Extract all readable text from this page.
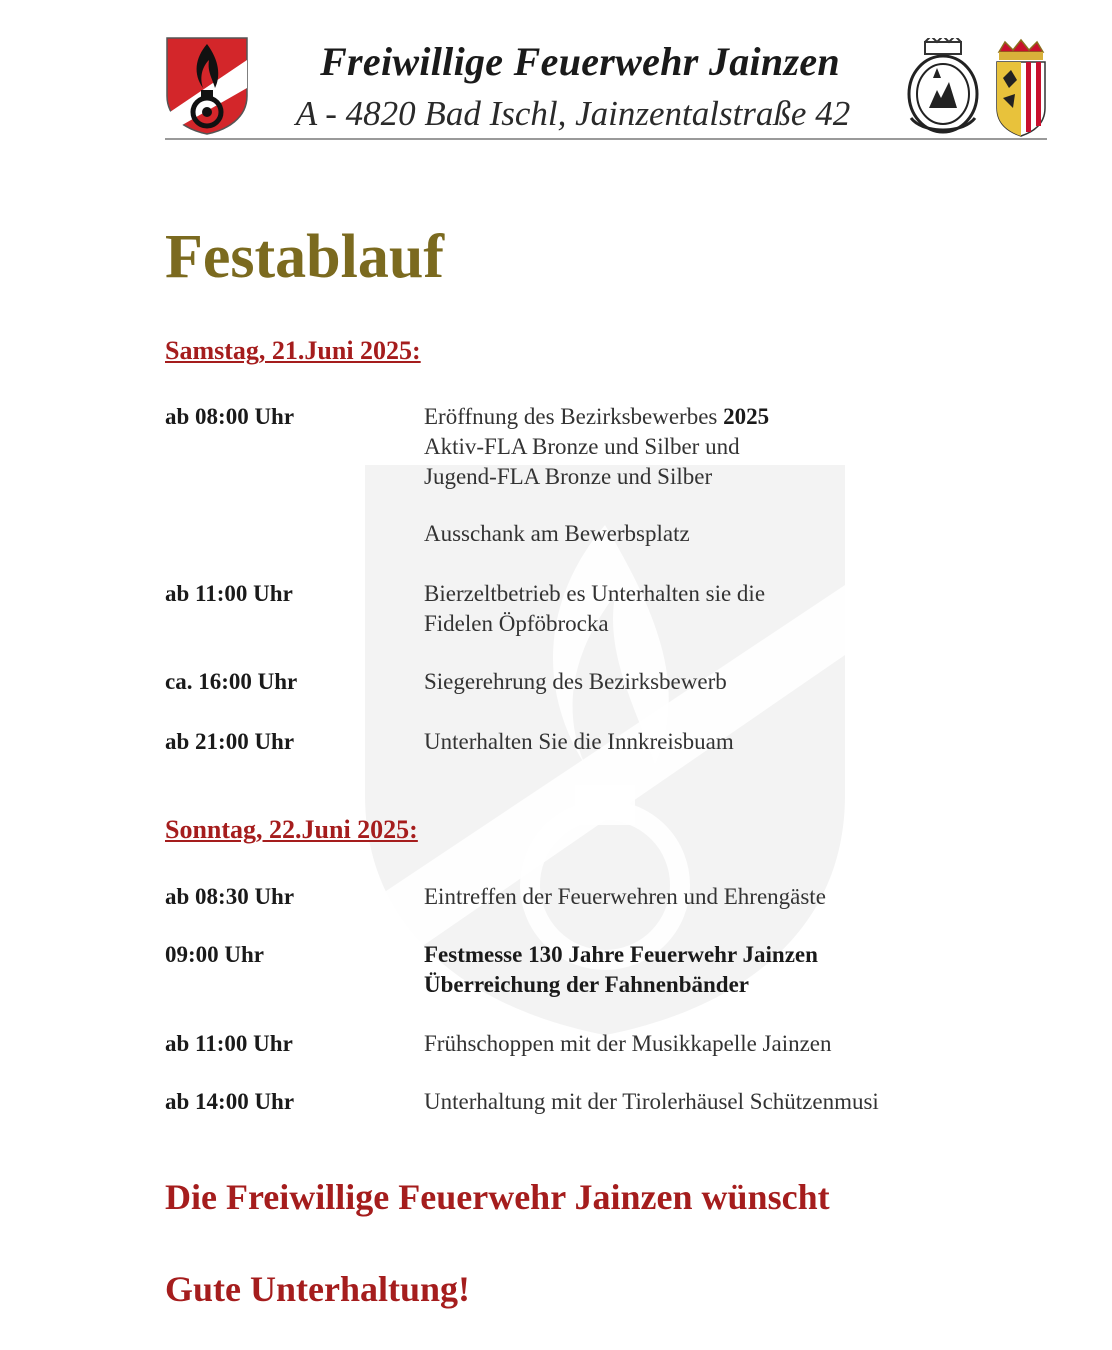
Freiwillige Feuerwehr Jainzen
A - 4820 Bad Ischl, Jainzentalstraße 42
Festablauf
Samstag, 21.Juni 2025:
ab 08:00 Uhr	Eröffnung des Bezirksbewerbes 2025
Aktiv-FLA Bronze und Silber und
Jugend-FLA Bronze und Silber
Ausschank am Bewerbsplatz
ab 11:00 Uhr	Bierzeltbetrieb es Unterhalten sie die
Fidelen Öpföbrocka
ca. 16:00 Uhr	Siegerehrung des Bezirksbewerb
ab 21:00 Uhr	Unterhalten Sie die Innkreisbuam
Sonntag, 22.Juni 2025:
ab 08:30 Uhr	Eintreffen der Feuerwehren und Ehrengäste
09:00 Uhr	Festmesse 130 Jahre Feuerwehr Jainzen
Überreichung der Fahnenbänder
ab 11:00 Uhr	Frühschoppen mit der Musikkapelle Jainzen
ab 14:00 Uhr	Unterhaltung mit der Tirolerhäusel Schützenmusi
Die Freiwillige Feuerwehr Jainzen wünscht
Gute Unterhaltung!
